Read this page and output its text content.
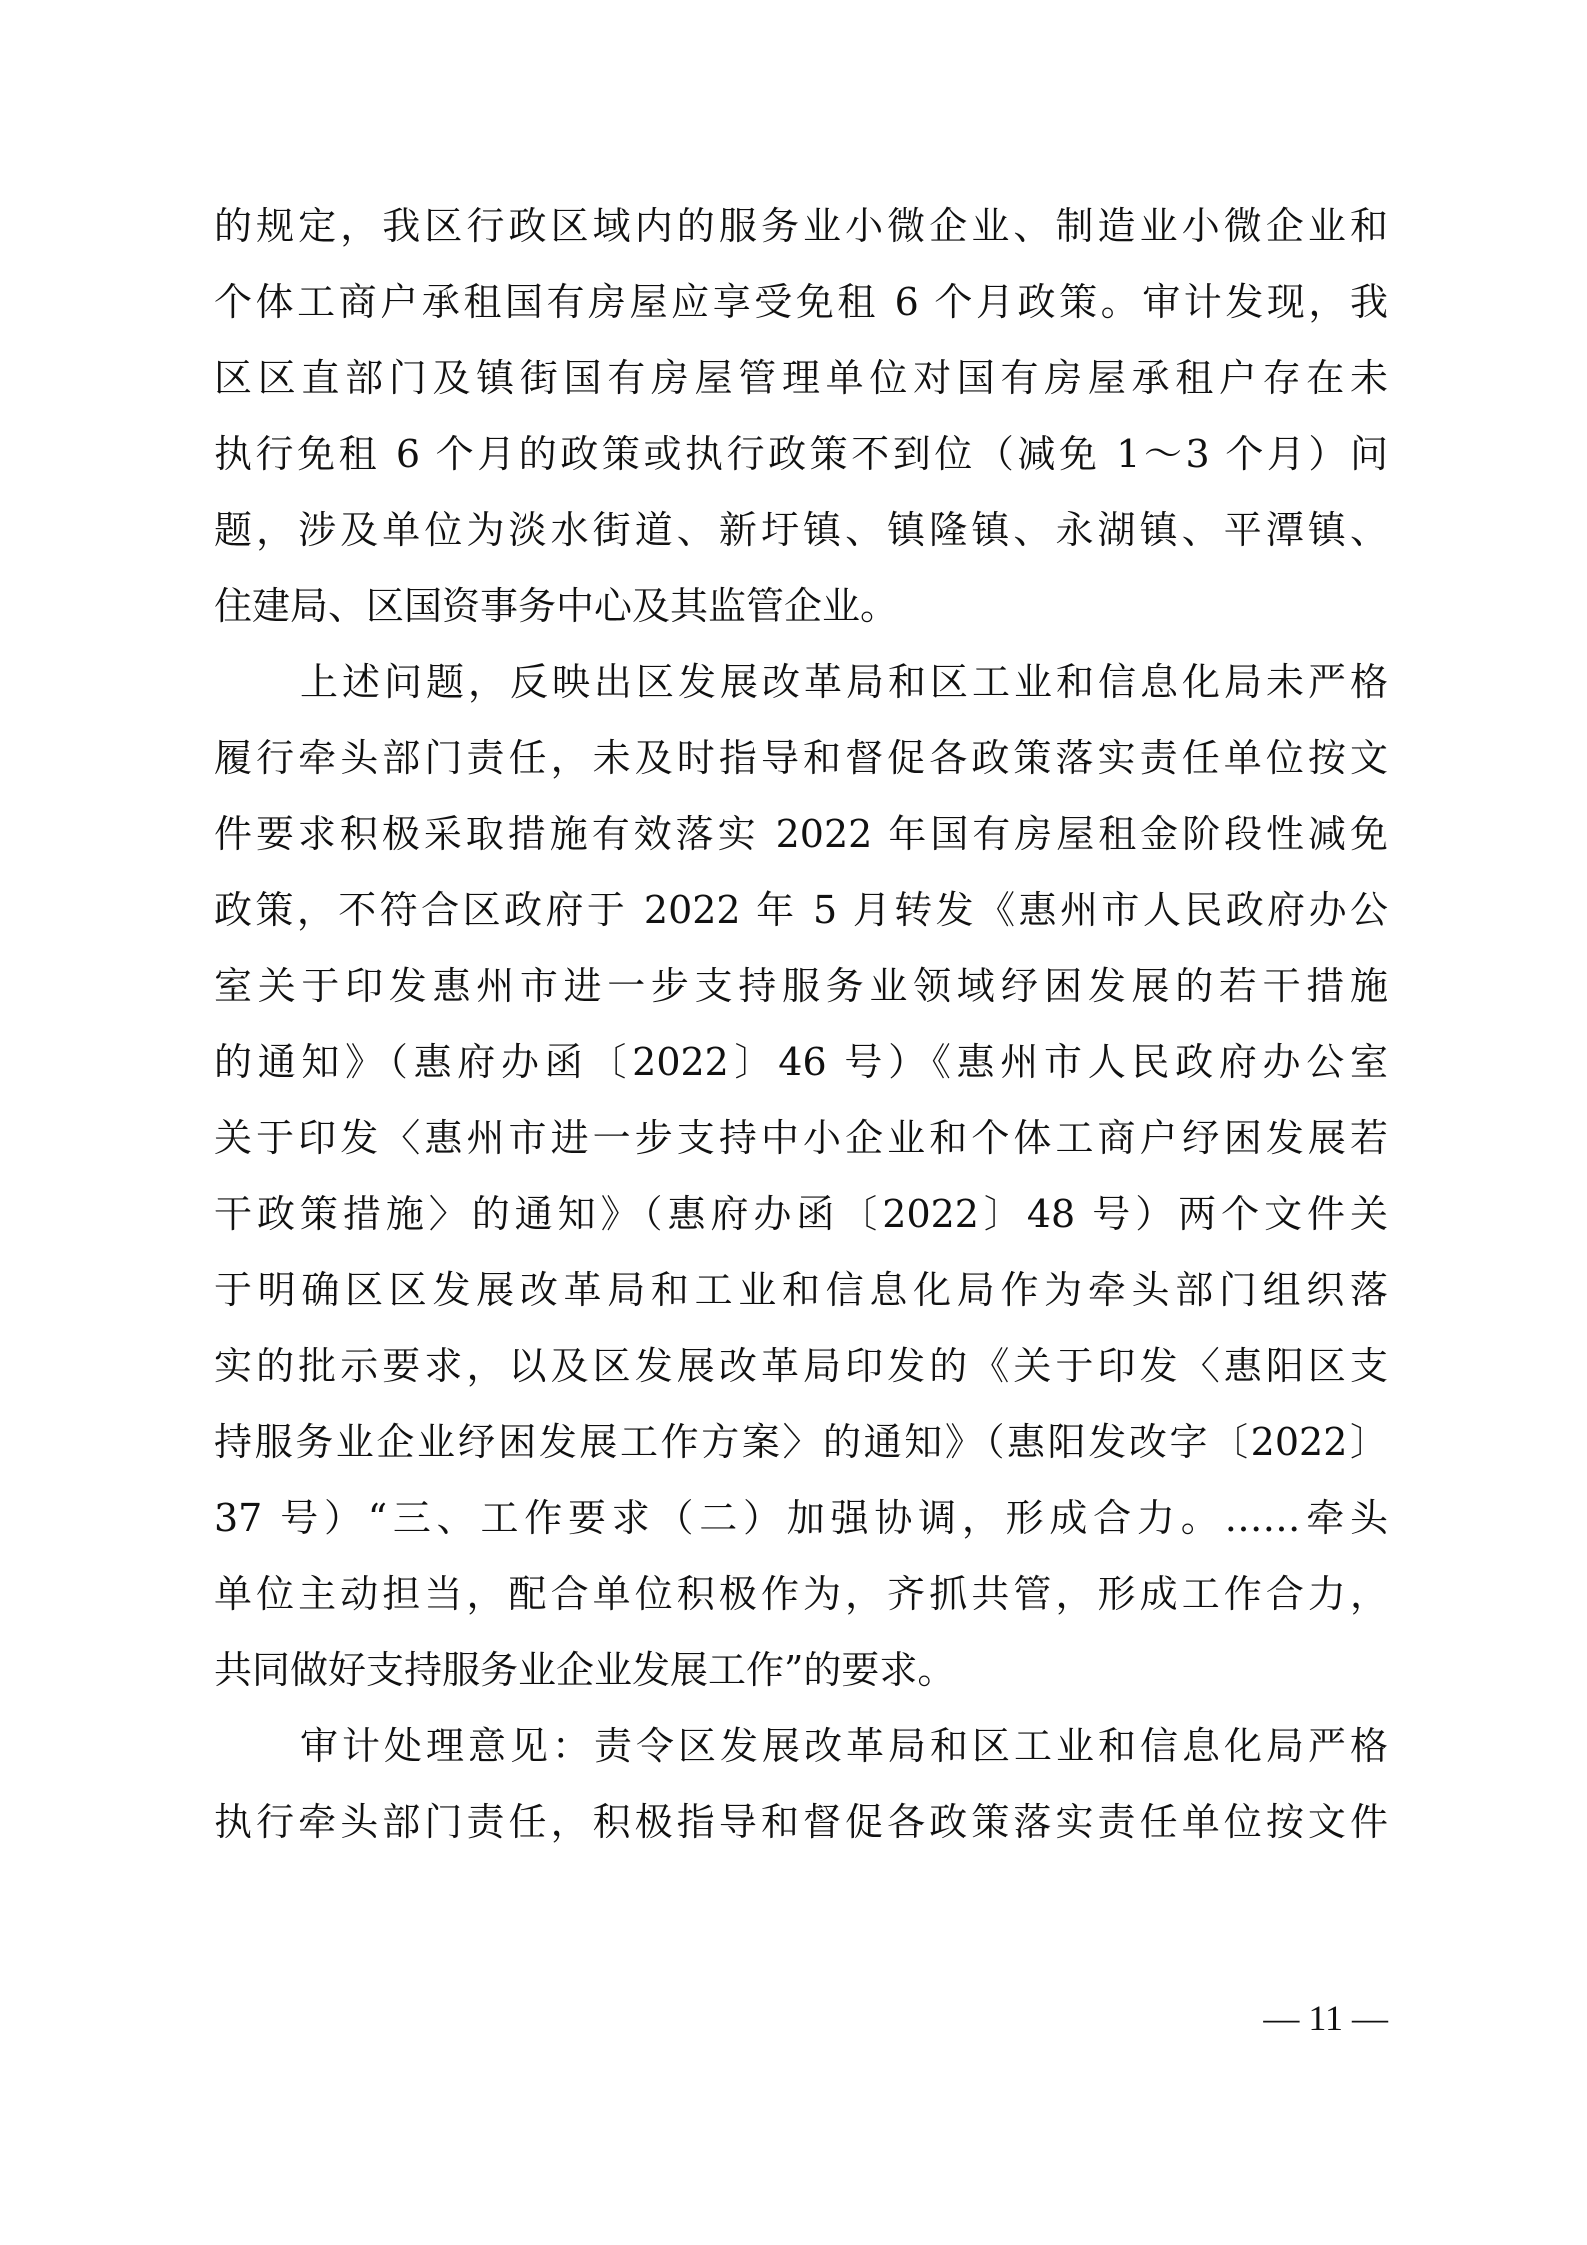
的规定，我区行政区域内的服务业小微企业、制造业小微企业和
个体工商户承租国有房屋应享受免租 6 个月政策。审计发现，我
区区直部门及镇街国有房屋管理单位对国有房屋承租户存在未
执行免租 6 个月的政策或执行政策不到位（减免 1～3 个月）问
题，涉及单位为淡水街道、新圩镇、镇隆镇、永湖镇、平潭镇、
住建局、区国资事务中心及其监管企业。
上述问题，反映出区发展改革局和区工业和信息化局未严格
履行牵头部门责任，未及时指导和督促各政策落实责任单位按文
件要求积极采取措施有效落实 2022 年国有房屋租金阶段性减免
政策，不符合区政府于 2022 年 5 月转发《惠州市人民政府办公
室关于印发惠州市进一步支持服务业领域纾困发展的若干措施
的通知》（惠府办函〔2022〕46 号）《惠州市人民政府办公室
关于印发〈惠州市进一步支持中小企业和个体工商户纾困发展若
干政策措施〉的通知》（惠府办函〔2022〕48 号）两个文件关
于明确区区发展改革局和工业和信息化局作为牵头部门组织落
实的批示要求，以及区发展改革局印发的《关于印发〈惠阳区支
持服务业企业纾困发展工作方案〉的通知》（惠阳发改字〔2022〕
37 号）“三、工作要求（二）加强协调，形成合力。……牵头
单位主动担当，配合单位积极作为，齐抓共管，形成工作合力，
共同做好支持服务业企业发展工作”的要求。
审计处理意见：责令区发展改革局和区工业和信息化局严格
执行牵头部门责任，积极指导和督促各政策落实责任单位按文件
— 11 —
